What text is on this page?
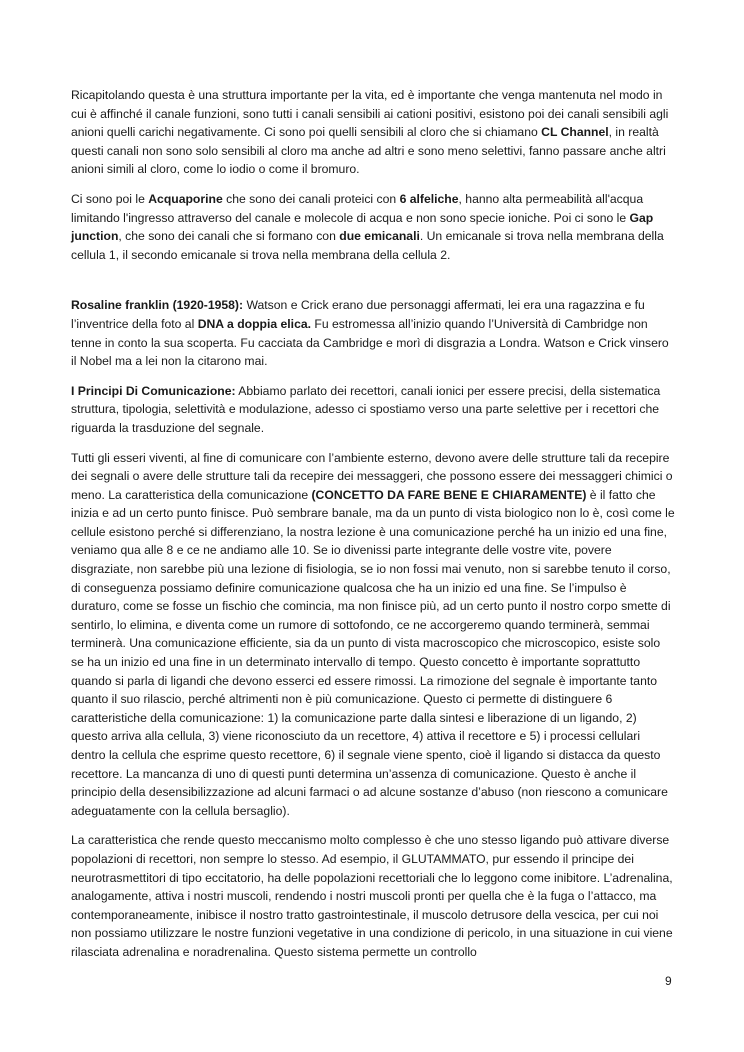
Ricapitolando questa è una struttura importante per la vita, ed è importante che venga mantenuta nel modo in cui è affinché il canale funzioni, sono tutti i canali sensibili ai cationi positivi, esistono poi dei canali sensibili agli anioni quelli carichi negativamente. Ci sono poi quelli sensibili al cloro che si chiamano CL Channel, in realtà questi canali non sono solo sensibili al cloro ma anche ad altri e sono meno selettivi, fanno passare anche altri anioni simili al cloro, come lo iodio o come il bromuro.

Ci sono poi le Acquaporine che sono dei canali proteici con 6 alfeliche, hanno alta permeabilità all'acqua limitando l'ingresso attraverso del canale e molecole di acqua e non sono specie ioniche. Poi ci sono le Gap junction, che sono dei canali che si formano con due emicanali. Un emicanale si trova nella membrana della cellula 1, il secondo emicanale si trova nella membrana della cellula 2.

Rosaline franklin (1920-1958): Watson e Crick erano due personaggi affermati, lei era una ragazzina e fu l’inventrice della foto al DNA a doppia elica. Fu estromessa all’inizio quando l’Università di Cambridge non tenne in conto la sua scoperta. Fu cacciata da Cambridge e morì di disgrazia a Londra. Watson e Crick vinsero il Nobel ma a lei non la citarono mai.

I Principi Di Comunicazione: Abbiamo parlato dei recettori, canali ionici per essere precisi, della sistematica struttura, tipologia, selettività e modulazione, adesso ci spostiamo verso una parte selettive per i recettori che riguarda la trasduzione del segnale.

Tutti gli esseri viventi, al fine di comunicare con l’ambiente esterno, devono avere delle strutture tali da recepire dei segnali o avere delle strutture tali da recepire dei messaggeri, che possono essere dei messaggeri chimici o meno. La caratteristica della comunicazione (CONCETTO DA FARE BENE E CHIARAMENTE) è il fatto che inizia e ad un certo punto finisce. Può sembrare banale, ma da un punto di vista biologico non lo è, così come le cellule esistono perché si differenziano, la nostra lezione è una comunicazione perché ha un inizio ed una fine, veniamo qua alle 8 e ce ne andiamo alle 10. Se io divenissi parte integrante delle vostre vite, povere disgraziate, non sarebbe più una lezione di fisiologia, se io non fossi mai venuto, non si sarebbe tenuto il corso, di conseguenza possiamo definire comunicazione qualcosa che ha un inizio ed una fine. Se l’impulso è duraturo, come se fosse un fischio che comincia, ma non finisce più, ad un certo punto il nostro corpo smette di sentirlo, lo elimina, e diventa come un rumore di sottofondo, ce ne accorgeremo quando terminerà, semmai terminerà. Una comunicazione efficiente, sia da un punto di vista macroscopico che microscopico, esiste solo se ha un inizio ed una fine in un determinato intervallo di tempo. Questo concetto è importante soprattutto quando si parla di ligandi che devono esserci ed essere rimossi. La rimozione del segnale è importante tanto quanto il suo rilascio, perché altrimenti non è più comunicazione. Questo ci permette di distinguere 6 caratteristiche della comunicazione: 1) la comunicazione parte dalla sintesi e liberazione di un ligando, 2) questo arriva alla cellula, 3) viene riconosciuto da un recettore, 4) attiva il recettore e 5) i processi cellulari dentro la cellula che esprime questo recettore, 6) il segnale viene spento, cioè il ligando si distacca da questo recettore. La mancanza di uno di questi punti determina un’assenza di comunicazione. Questo è anche il principio della desensibilizzazione ad alcuni farmaci o ad alcune sostanze d’abuso (non riescono a comunicare adeguatamente con la cellula bersaglio).

La caratteristica che rende questo meccanismo molto complesso è che uno stesso ligando può attivare diverse popolazioni di recettori, non sempre lo stesso. Ad esempio, il GLUTAMMATO, pur essendo il principe dei neurotrasmettitori di tipo eccitatorio, ha delle popolazioni recettoriali che lo leggono come inibitore. L’adrenalina, analogamente, attiva i nostri muscoli, rendendo i nostri muscoli pronti per quella che è la fuga o l’attacco, ma contemporaneamente, inibisce il nostro tratto gastrointestinale, il muscolo detrusore della vescica, per cui noi non possiamo utilizzare le nostre funzioni vegetative in una condizione di pericolo, in una situazione in cui viene rilasciata adrenalina e noradrenalina. Questo sistema permette un controllo

9
